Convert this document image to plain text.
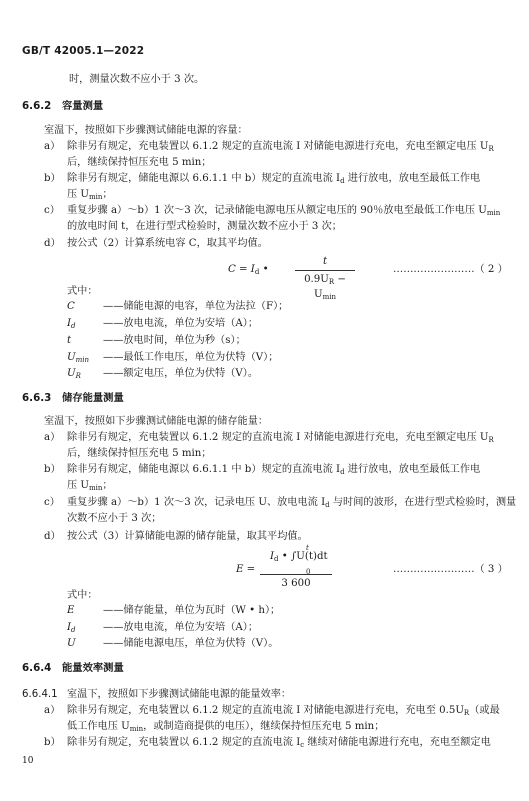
GB/T 42005.1—2022
时，测量次数不应小于 3 次。
6.6.2 容量测量
室温下，按照如下步骤测试储能电源的容量：
a） 除非另有规定，充电装置以 6.1.2 规定的直流电流 I 对储能电源进行充电，充电至额定电压 $U_R$
后，继续保持恒压充电 5 min；
b） 除非另有规定，储能电源以 6.6.1.1 中 b）规定的直流电流 $I_d$ 进行放电，放电至最低工作电
压 $U_{min}$；
c） 重复步骤 a）～b）1 次～3 次，记录储能电源电压从额定电压的 90％放电至最低工作电压 $U_{min}$
的放电时间 t，在进行型式检验时，测量次数不应小于 3 次；
d） 按公式（2）计算系统电容 C，取其平均值。
$C = I_d$ •
t
$0.9U_R - U_{min}$
……………………（ 2 ）
式中：
C	——储能电源的电容，单位为法拉（F）；
$I_d$	——放电电流，单位为安培（A）；
t	——放电时间，单位为秒（s）；
$U_{min}$ ——最低工作电压，单位为伏特（V）；
$U_R$ ——额定电压，单位为伏特（V）。
6.6.3 储存能量测量
室温下，按照如下步骤测试储能电源的储存能量：
a） 除非另有规定，充电装置以 6.1.2 规定的直流电流 I 对储能电源进行充电，充电至额定电压 $U_R$
后，继续保持恒压充电 5 min；
b） 除非另有规定，储能电源以 6.6.1.1 中 b）规定的直流电流 $I_d$ 进行放电，放电至最低工作电
压 $U_{min}$；
c） 重复步骤 a）～b）1 次～3 次，记录电压 U、放电电流 $I_d$ 与时间的波形，在进行型式检验时，测量
次数不应小于 3 次；
d） 按公式（3）计算储能电源的储存能量，取其平均值。
E =
$I_d$ • ∫U(t)dt
t
0
3 600
……………………（ 3 ）
式中：
E	——储存能量，单位为瓦时（W • h）；
$I_d$	——放电电流，单位为安培（A）；
U	——储能电源电压，单位为伏特（V）。
6.6.4 能量效率测量
6.6.4.1 室温下，按照如下步骤测试储能电源的能量效率：
a） 除非另有规定，充电装置以 6.1.2 规定的直流电流 I 对储能电源进行充电，充电至 $0.5U_R$（或最
低工作电压 $U_{min}$，或制造商提供的电压），继续保持恒压充电 5 min；
b） 除非另有规定，充电装置以 6.1.2 规定的直流电流 $I_c$ 继续对储能电源进行充电，充电至额定电
10
